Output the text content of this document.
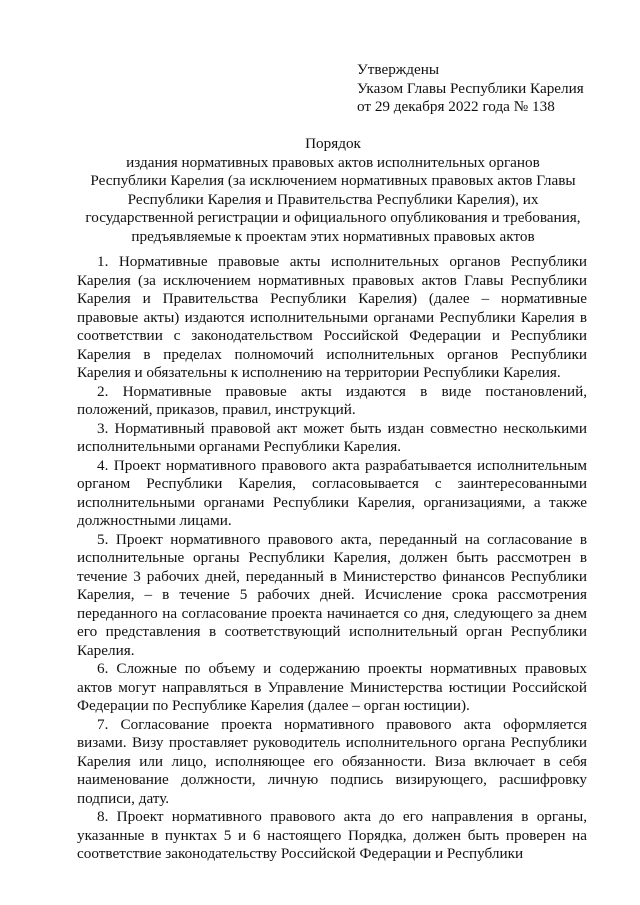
Утверждены
Указом Главы Республики Карелия
от 29 декабря 2022 года № 138
Порядок
издания нормативных правовых актов исполнительных органов
Республики Карелия (за исключением нормативных правовых актов Главы
Республики Карелия и Правительства Республики Карелия), их
государственной регистрации и официального опубликования и требования,
предъявляемые к проектам этих нормативных правовых актов

1. Нормативные правовые акты исполнительных органов Республики Карелия (за исключением нормативных правовых актов Главы Республики Карелия и Правительства Республики Карелия) (далее – нормативные правовые акты) издаются исполнительными органами Республики Карелия в соответствии с законодательством Российской Федерации и Республики Карелия в пределах полномочий исполнительных органов Республики Карелия и обязательны к исполнению на территории Республики Карелия.

2. Нормативные правовые акты издаются в виде постановлений, положений, приказов, правил, инструкций.

3. Нормативный правовой акт может быть издан совместно несколькими исполнительными органами Республики Карелия.

4. Проект нормативного правового акта разрабатывается исполнительным органом Республики Карелия, согласовывается с заинтересованными исполнительными органами Республики Карелия, организациями, а также должностными лицами.

5. Проект нормативного правового акта, переданный на согласование в исполнительные органы Республики Карелия, должен быть рассмотрен в течение 3 рабочих дней, переданный в Министерство финансов Республики Карелия, – в течение 5 рабочих дней. Исчисление срока рассмотрения переданного на согласование проекта начинается со дня, следующего за днем его представления в соответствующий исполнительный орган Республики Карелия.

6. Сложные по объему и содержанию проекты нормативных правовых актов могут направляться в Управление Министерства юстиции Российской Федерации по Республике Карелия (далее – орган юстиции).

7. Согласование проекта нормативного правового акта оформляется визами. Визу проставляет руководитель исполнительного органа Республики Карелия или лицо, исполняющее его обязанности. Виза включает в себя наименование должности, личную подпись визирующего, расшифровку подписи, дату.

8. Проект нормативного правового акта до его направления в органы, указанные в пунктах 5 и 6 настоящего Порядка, должен быть проверен на соответствие законодательству Российской Федерации и Республики
